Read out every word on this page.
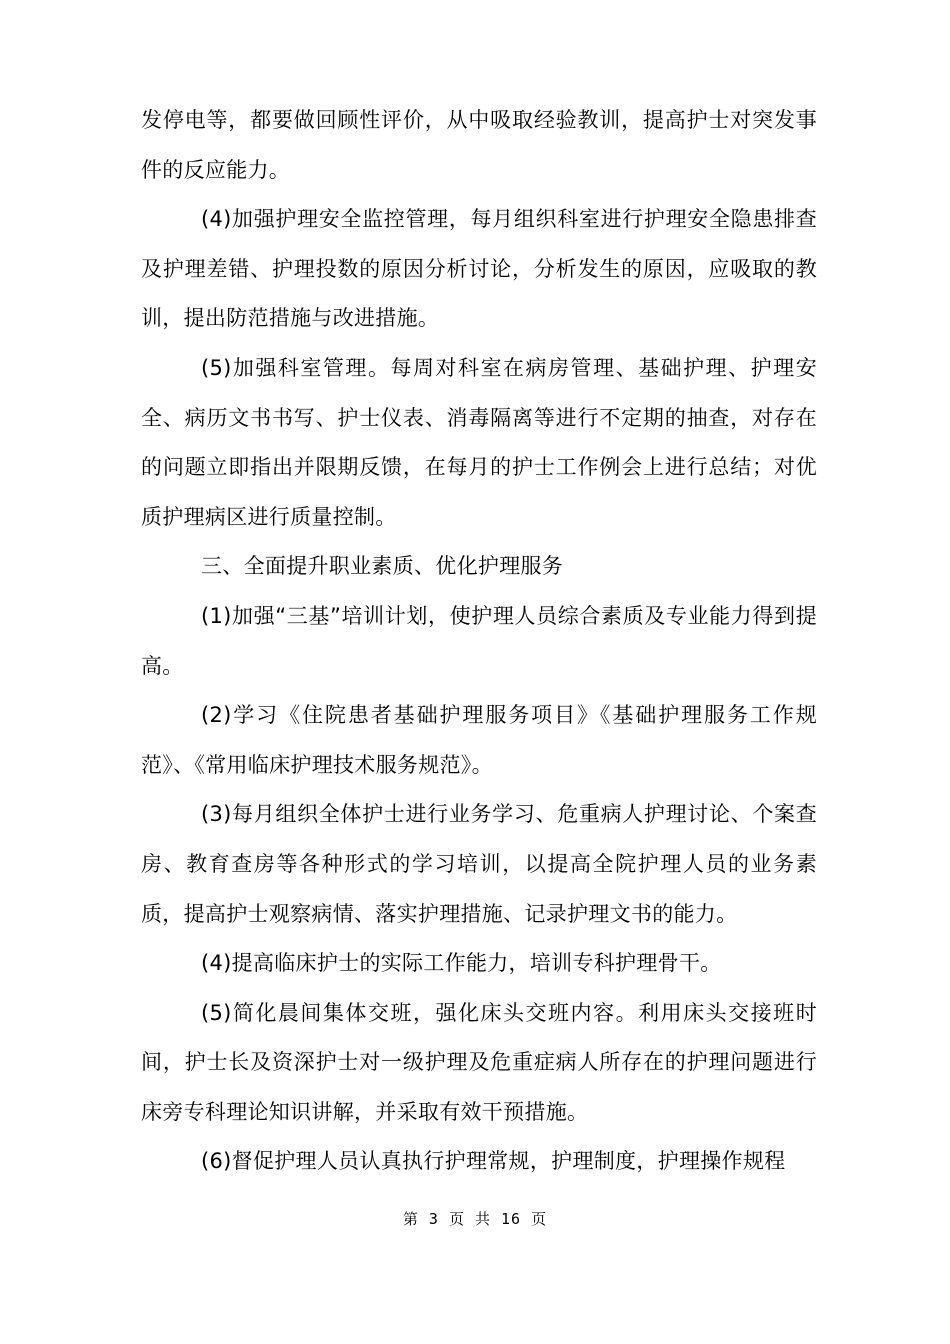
发停电等，都要做回顾性评价，从中吸取经验教训，提高护士对突发事件的反应能力。

(4)加强护理安全监控管理，每月组织科室进行护理安全隐患排查及护理差错、护理投数的原因分析讨论，分析发生的原因，应吸取的教训，提出防范措施与改进措施。

(5)加强科室管理。每周对科室在病房管理、基础护理、护理安全、病历文书书写、护士仪表、消毒隔离等进行不定期的抽查，对存在的问题立即指出并限期反馈，在每月的护士工作例会上进行总结；对优质护理病区进行质量控制。

三、全面提升职业素质、优化护理服务

(1)加强“三基”培训计划，使护理人员综合素质及专业能力得到提高。

(2)学习《住院患者基础护理服务项目》《基础护理服务工作规范》、《常用临床护理技术服务规范》。

(3)每月组织全体护士进行业务学习、危重病人护理讨论、个案查房、教育查房等各种形式的学习培训，以提高全院护理人员的业务素质，提高护士观察病情、落实护理措施、记录护理文书的能力。

(4)提高临床护士的实际工作能力，培训专科护理骨干。

(5)简化晨间集体交班，强化床头交班内容。利用床头交接班时间，护士长及资深护士对一级护理及危重症病人所存在的护理问题进行床旁专科理论知识讲解，并采取有效干预措施。

(6)督促护理人员认真执行护理常规，护理制度，护理操作规程

第 3 页 共 16 页
